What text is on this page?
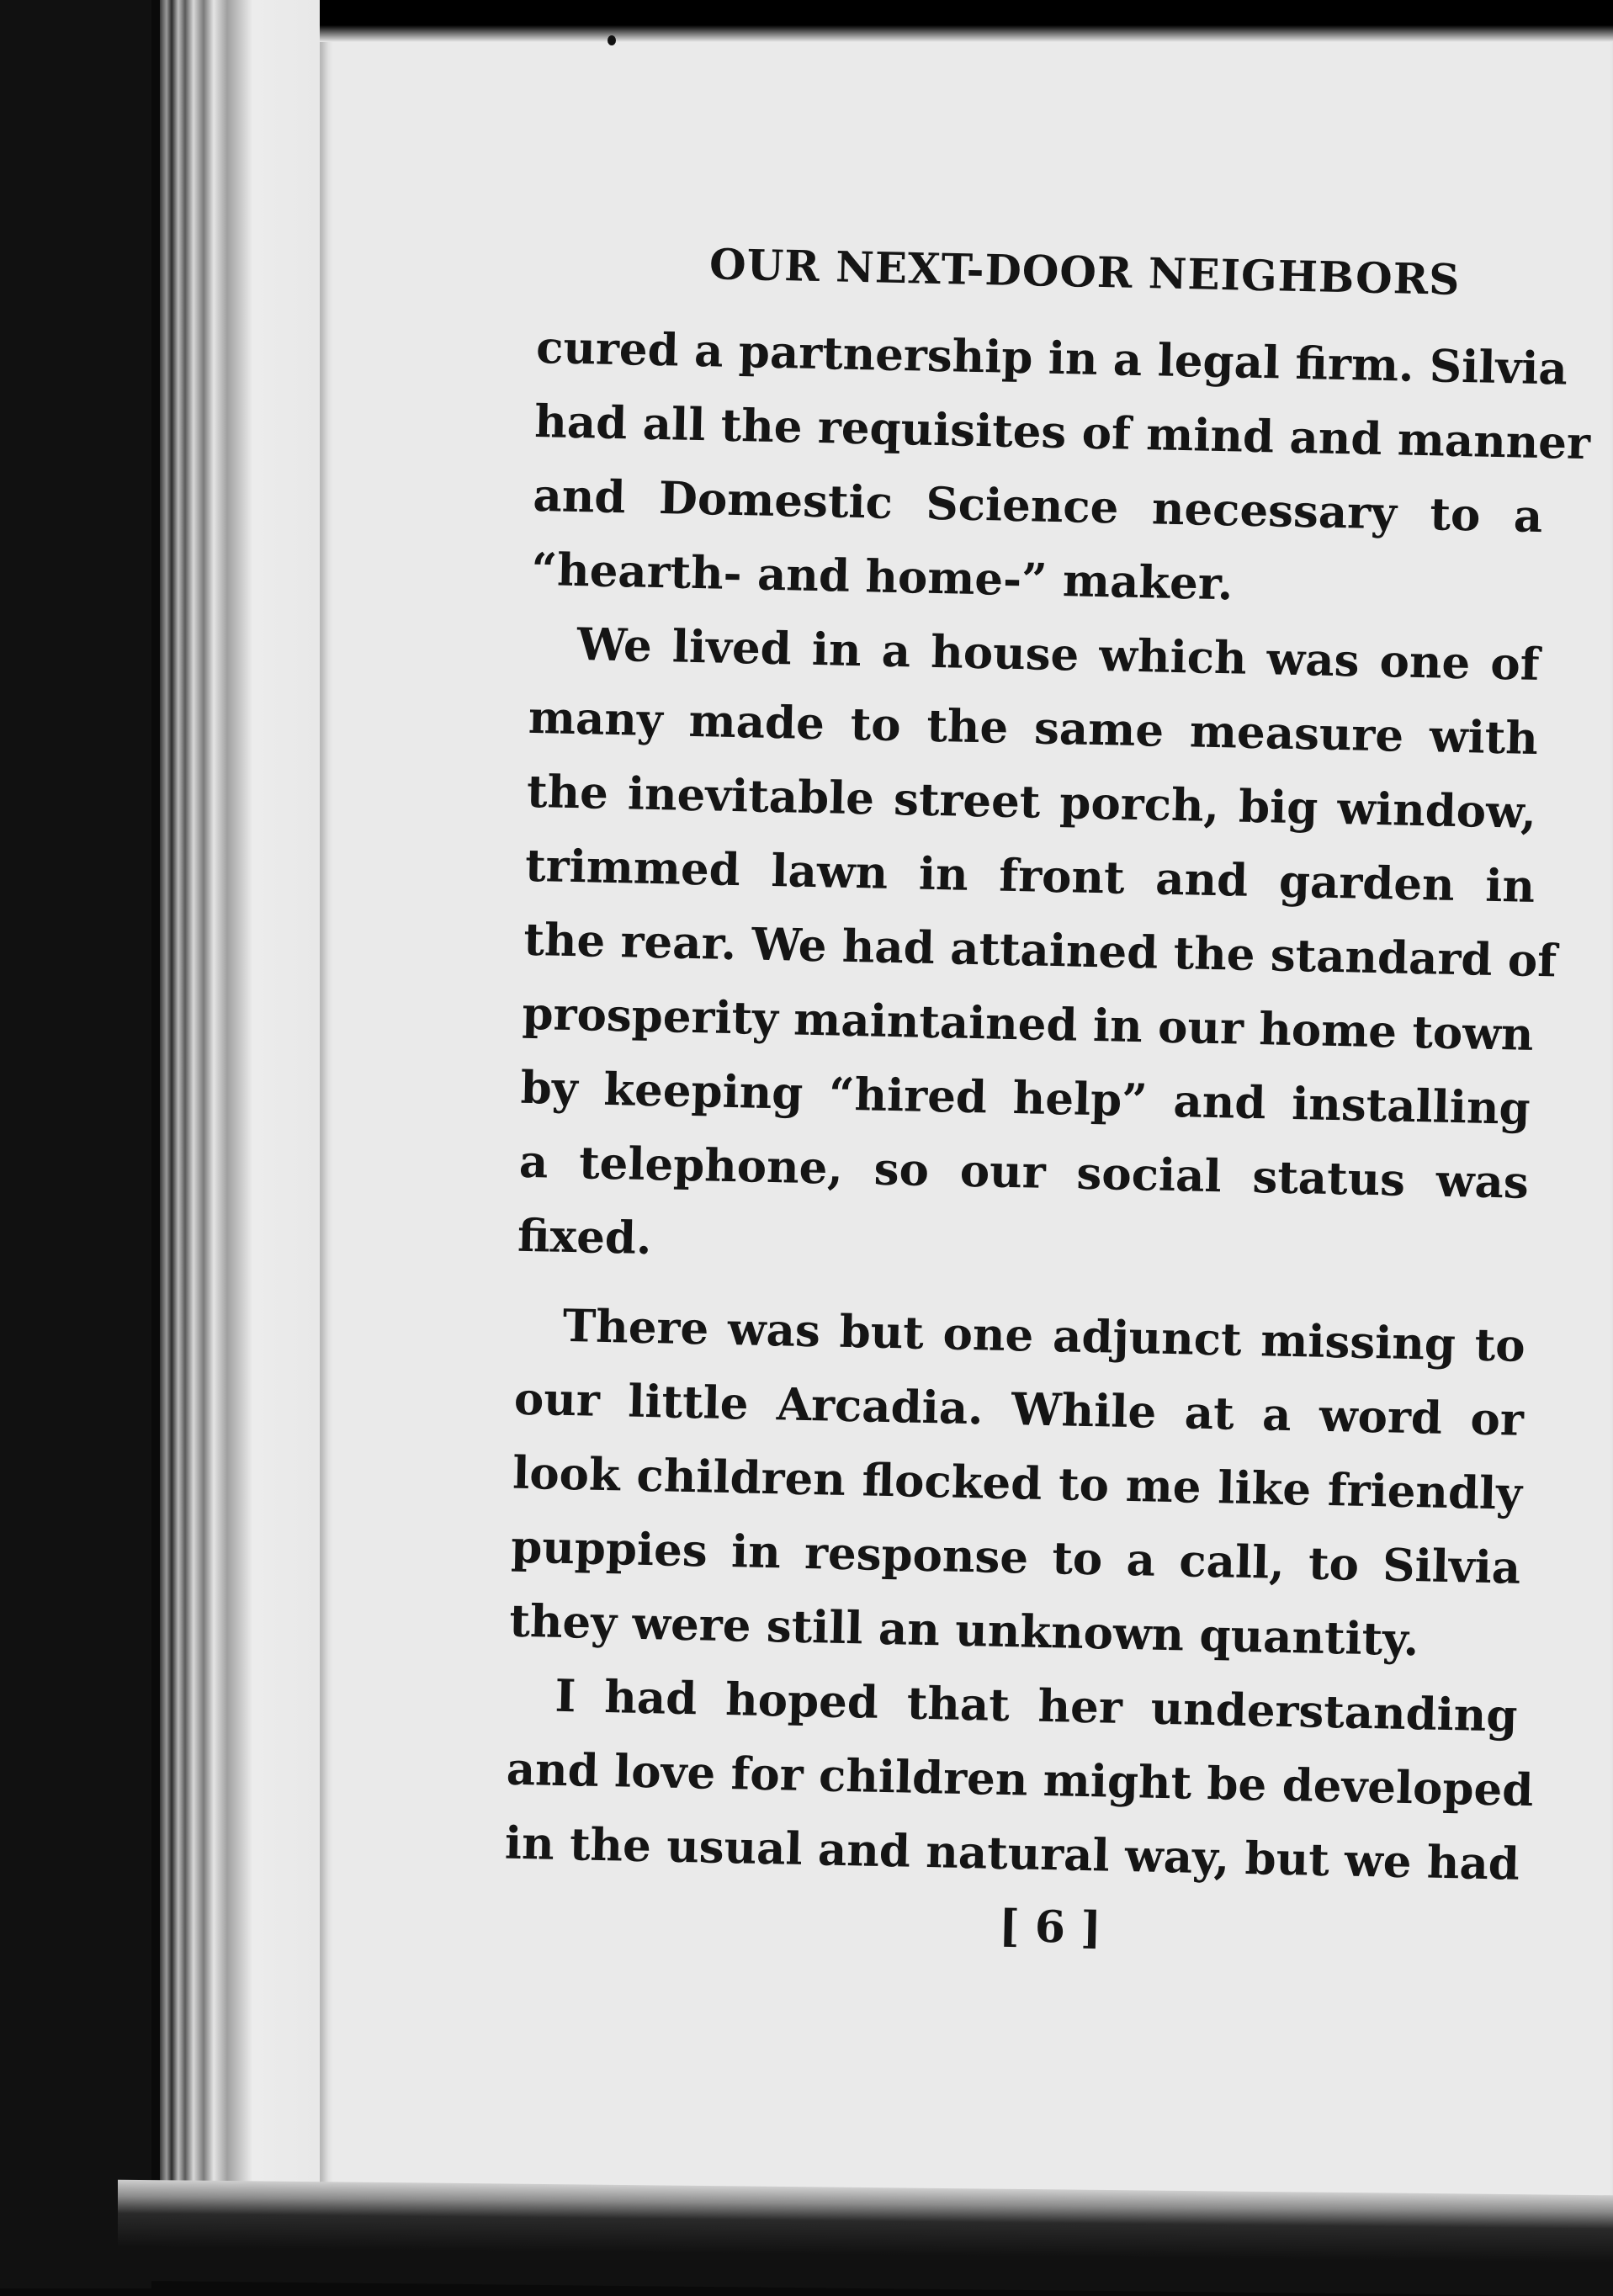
OUR NEXT-DOOR NEIGHBORS
cured a partnership in a legal firm. Silvia
had all the requisites of mind and manner
and Domestic Science necessary to a
“hearth- and home-” maker.
We lived in a house which was one of
many made to the same measure with
the inevitable street porch, big window,
trimmed lawn in front and garden in
the rear. We had attained the standard of
prosperity maintained in our home town
by keeping “hired help” and installing
a telephone, so our social status was
fixed.
There was but one adjunct missing to
our little Arcadia. While at a word or
look children flocked to me like friendly
puppies in response to a call, to Silvia
they were still an unknown quantity.
I had hoped that her understanding
and love for children might be developed
in the usual and natural way, but we had
[ 6 ]
